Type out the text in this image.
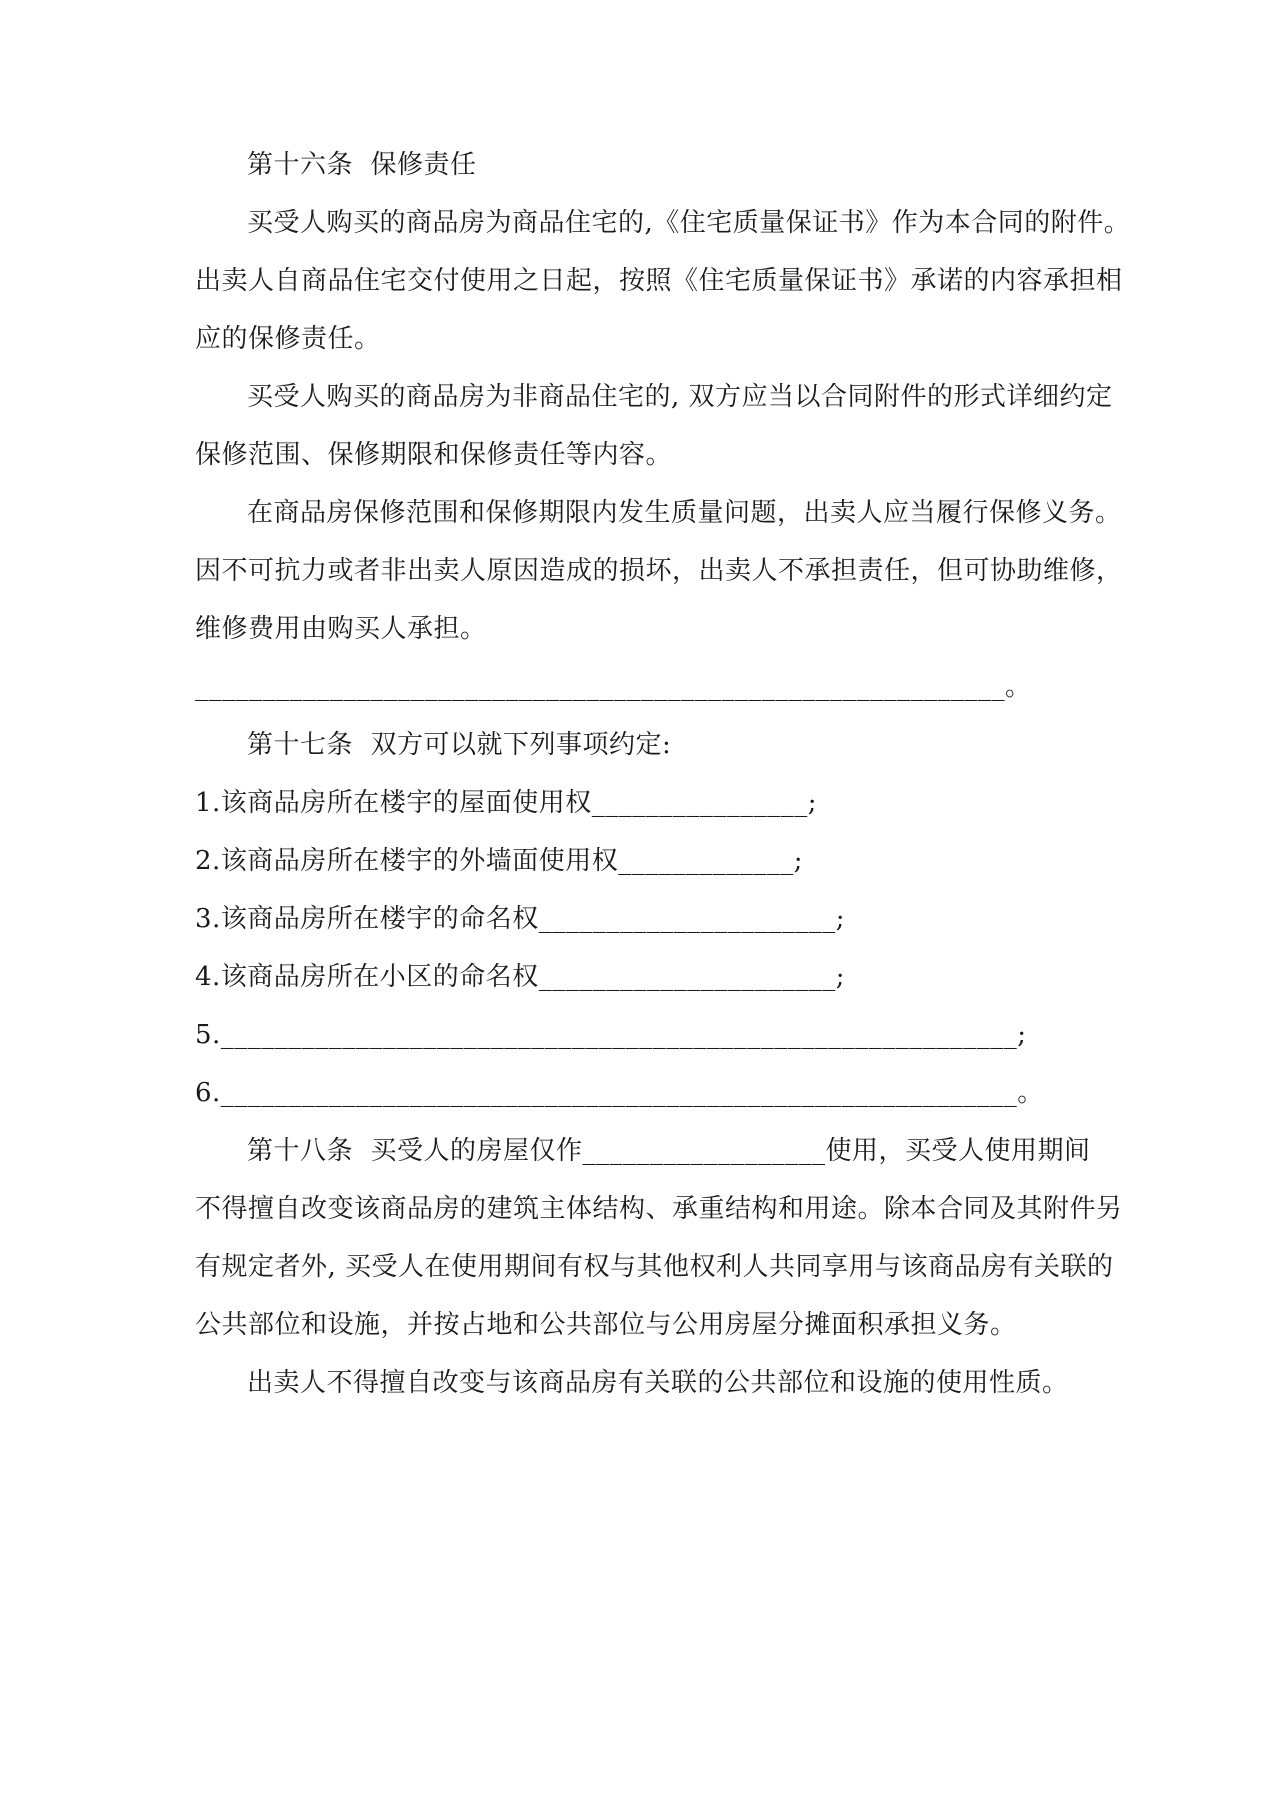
第十六条  保修责任

买受人购买的商品房为商品住宅的,《住宅质量保证书》作为本合同的附件。

出卖人自商品住宅交付使用之日起，按照《住宅质量保证书》承诺的内容承担相

应的保修责任。

买受人购买的商品房为非商品住宅的, 双方应当以合同附件的形式详细约定

保修范围、保修期限和保修责任等内容。

在商品房保修范围和保修期限内发生质量问题，出卖人应当履行保修义务。

因不可抗力或者非出卖人原因造成的损坏，出卖人不承担责任，但可协助维修，

维修费用由购买人承担。

____________________________________________________________。

第十七条  双方可以就下列事项约定:

1.该商品房所在楼宇的屋面使用权________________;

2.该商品房所在楼宇的外墙面使用权_____________;

3.该商品房所在楼宇的命名权______________________;

4.该商品房所在小区的命名权______________________;

5.___________________________________________________________;

6.___________________________________________________________。

第十八条  买受人的房屋仅作__________________使用，买受人使用期间

不得擅自改变该商品房的建筑主体结构、承重结构和用途。除本合同及其附件另

有规定者外, 买受人在使用期间有权与其他权利人共同享用与该商品房有关联的

公共部位和设施，并按占地和公共部位与公用房屋分摊面积承担义务。

出卖人不得擅自改变与该商品房有关联的公共部位和设施的使用性质。
